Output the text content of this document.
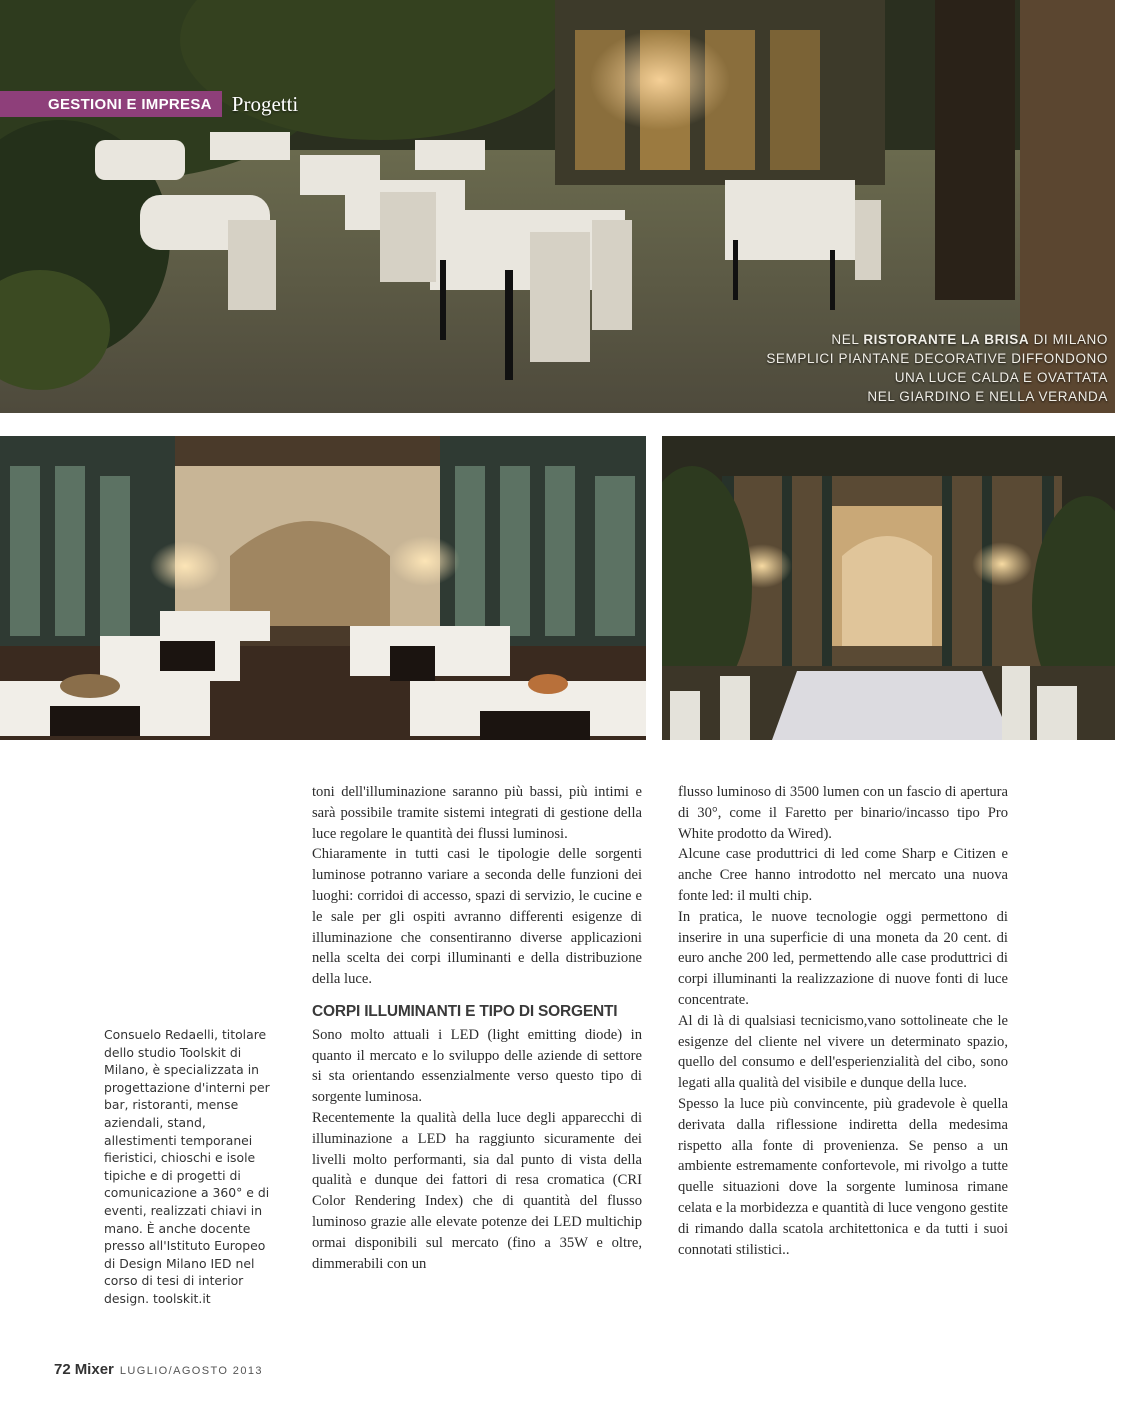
GESTIONI E IMPRESA Progetti
NEL RISTORANTE LA BRISA DI MILANO
SEMPLICI PIANTANE DECORATIVE DIFFONDONO
UNA LUCE CALDA E OVATTATA
NEL GIARDINO E NELLA VERANDA
Consuelo Redaelli, titolare dello studio Toolskit di Milano, è specializzata in progettazione d'interni per bar, ristoranti, mense aziendali, stand, allestimenti temporanei fieristici, chioschi e isole tipiche e di progetti di comunicazione a 360° e di eventi, realizzati chiavi in mano. È anche docente presso all'Istituto Europeo di Design Milano IED nel corso di tesi di interior design. toolskit.it

toni dell'illuminazione saranno più bassi, più intimi e sarà possibile tramite sistemi integrati di gestione della luce regolare le quantità dei flussi luminosi.

Chiaramente in tutti casi le tipologie delle sorgenti luminose potranno variare a seconda delle funzioni dei luoghi: corridoi di accesso, spazi di servizio, le cucine e le sale per gli ospiti avranno differenti esigenze di illuminazione che consentiranno diverse applicazioni nella scelta dei corpi illuminanti e della distribuzione della luce.

CORPI ILLUMINANTI E TIPO DI SORGENTI

Sono molto attuali i LED (light emitting diode) in quanto il mercato e lo sviluppo delle aziende di settore si sta orientando essenzialmente verso questo tipo di sorgente luminosa.

Recentemente la qualità della luce degli apparecchi di illuminazione a LED ha raggiunto sicuramente dei livelli molto performanti, sia dal punto di vista della qualità e dunque dei fattori di resa cromatica (CRI Color Rendering Index) che di quantità del flusso luminoso grazie alle elevate potenze dei LED multichip ormai disponibili sul mercato (fino a 35W e oltre, dimmerabili con un

flusso luminoso di 3500 lumen con un fascio di apertura di 30°, come il Faretto per binario/incasso tipo Pro White prodotto da Wired).

Alcune case produttrici di led come Sharp e Citizen e anche Cree hanno introdotto nel mercato una nuova fonte led: il multi chip.

In pratica, le nuove tecnologie oggi permettono di inserire in una superficie di una moneta da 20 cent. di euro anche 200 led, permettendo alle case produttrici di corpi illuminanti la realizzazione di nuove fonti di luce concentrate.

Al di là di qualsiasi tecnicismo,vano sottolineate che le esigenze del cliente nel vivere un determinato spazio, quello del consumo e dell'esperienzialità del cibo, sono legati alla qualità del visibile e dunque della luce.

Spesso la luce più convincente, più gradevole è quella derivata dalla riflessione indiretta della medesima rispetto alla fonte di provenienza. Se penso a un ambiente estremamente confortevole, mi rivolgo a tutte quelle situazioni dove la sorgente luminosa rimane celata e la morbidezza e quantità di luce vengono gestite di rimando dalla scatola architettonica e da tutti i suoi connotati stilistici..

72 Mixer LUGLIO/AGOSTO 2013
